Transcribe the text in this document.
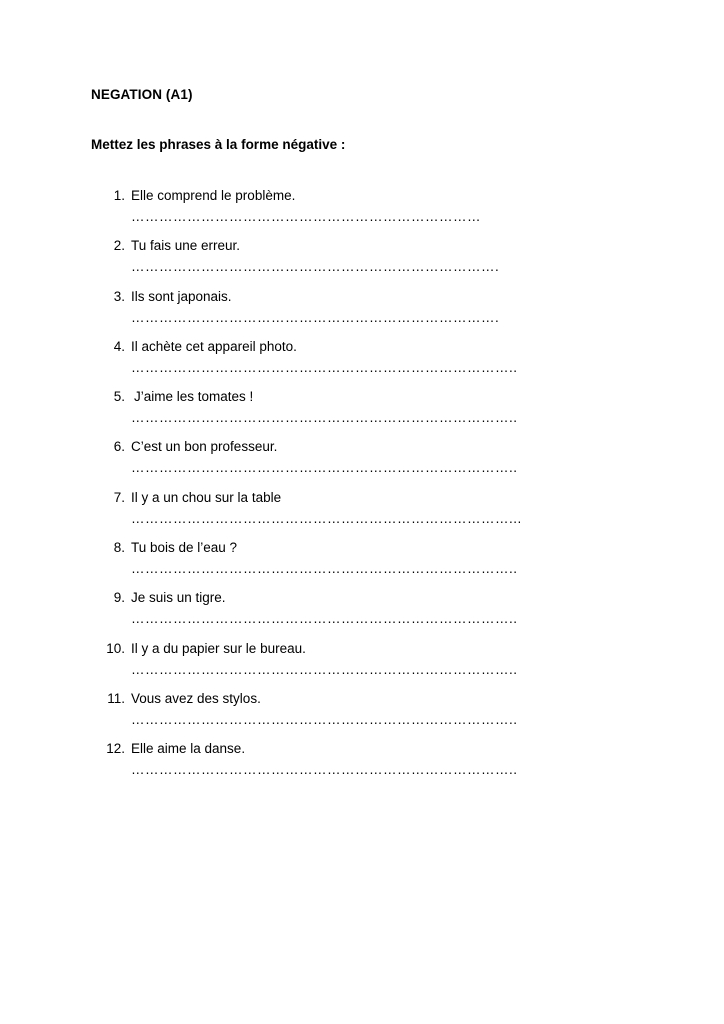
NEGATION (A1)
Mettez les phrases à la forme négative :
1. Elle comprend le problème.
…………………………………………………………………
2. Tu fais une erreur.
…………………………………………………………………….
3. Ils sont japonais.
…………………………………………………………………….
4. Il achète cet appareil photo.
………………………………………………………………………..
5. J’aime les tomates !
………………………………………………………………………..
6. C’est un bon professeur.
………………………………………………………………………..
7. Il y a un chou sur la table
………………………………………………………………………...
8. Tu bois de l’eau ?
………………………………………………………………………..
9. Je suis un tigre.
………………………………………………………………………..
10. Il y a du papier sur le bureau.
………………………………………………………………………..
11. Vous avez des stylos.
………………………………………………………………………..
12. Elle aime la danse.
………………………………………………………………………..
